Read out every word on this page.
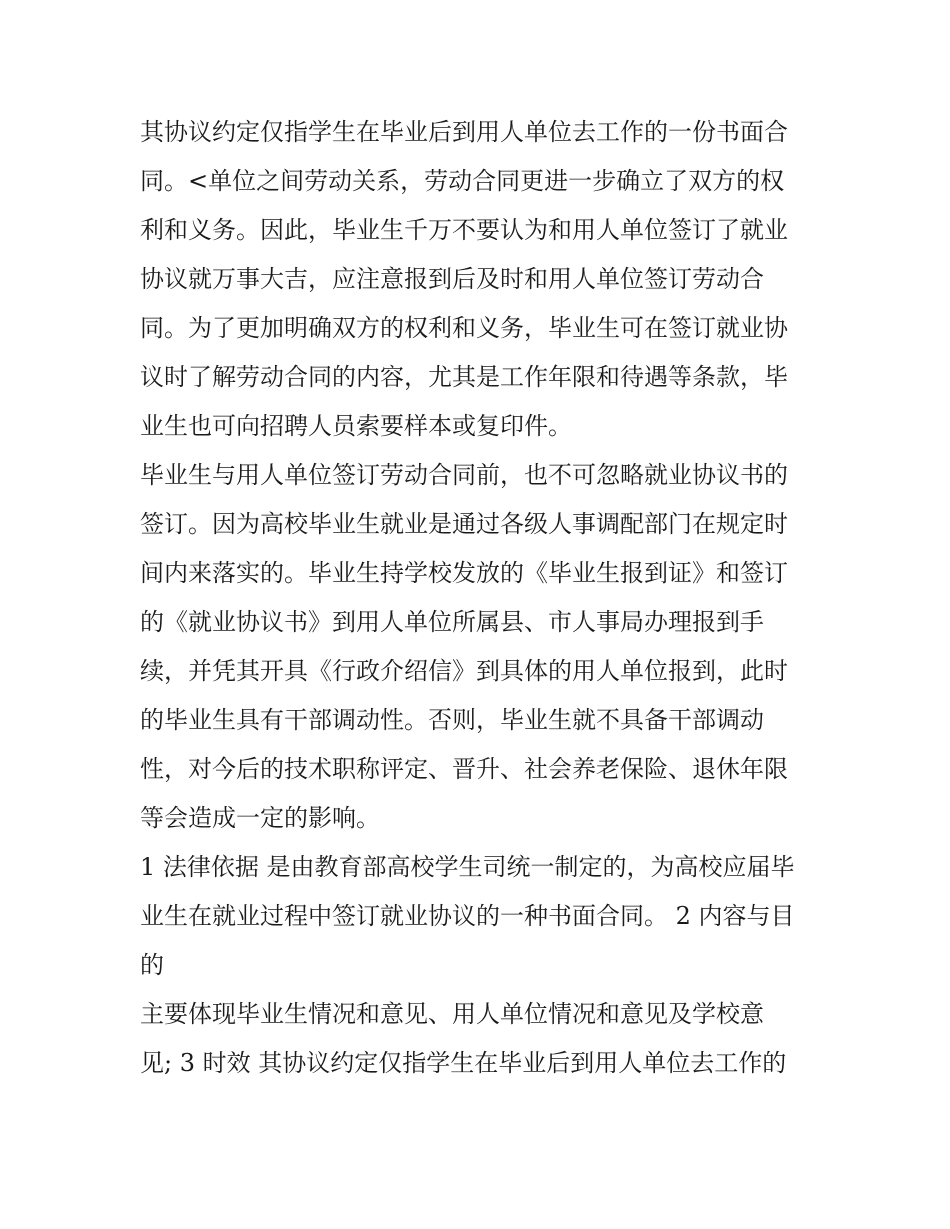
其协议约定仅指学生在毕业后到用人单位去工作的一份书面合
同。<单位之间劳动关系，劳动合同更进一步确立了双方的权
利和义务。因此，毕业生千万不要认为和用人单位签订了就业
协议就万事大吉，应注意报到后及时和用人单位签订劳动合
同。为了更加明确双方的权利和义务，毕业生可在签订就业协
议时了解劳动合同的内容，尤其是工作年限和待遇等条款，毕
业生也可向招聘人员索要样本或复印件。
毕业生与用人单位签订劳动合同前，也不可忽略就业协议书的
签订。因为高校毕业生就业是通过各级人事调配部门在规定时
间内来落实的。毕业生持学校发放的《毕业生报到证》和签订
的《就业协议书》到用人单位所属县、市人事局办理报到手
续，并凭其开具《行政介绍信》到具体的用人单位报到，此时
的毕业生具有干部调动性。否则，毕业生就不具备干部调动
性，对今后的技术职称评定、晋升、社会养老保险、退休年限
等会造成一定的影响。
1 法律依据 是由教育部高校学生司统一制定的，为高校应届毕
业生在就业过程中签订就业协议的一种书面合同。 2 内容与目
的
主要体现毕业生情况和意见、用人单位情况和意见及学校意
见; 3 时效 其协议约定仅指学生在毕业后到用人单位去工作的
